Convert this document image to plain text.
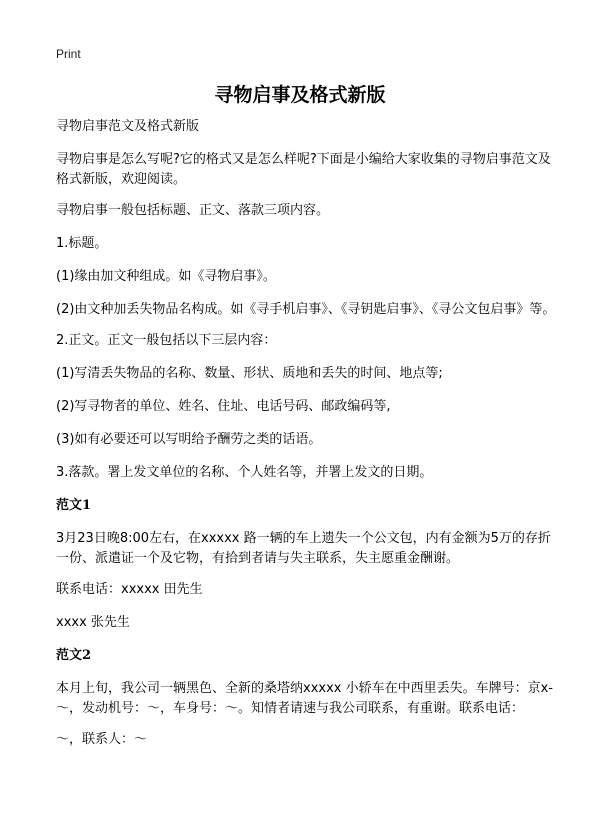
Print
寻物启事及格式新版

寻物启事范文及格式新版

寻物启事是怎么写呢?它的格式又是怎么样呢?下面是小编给大家收集的寻物启事范文及格式新版，欢迎阅读。

寻物启事一般包括标题、正文、落款三项内容。

1.标题。

(1)缘由加文种组成。如《寻物启事》。

(2)由文种加丢失物品名构成。如《寻手机启事》、《寻钥匙启事》、《寻公文包启事》等。

2.正文。正文一般包括以下三层内容：

(1)写清丢失物品的名称、数量、形状、质地和丢失的时间、地点等;

(2)写寻物者的单位、姓名、住址、电话号码、邮政编码等,

(3)如有必要还可以写明给予酬劳之类的话语。

3.落款。署上发文单位的名称、个人姓名等，并署上发文的日期。

范文1

3月23日晚8:00左右，在xxxxx 路一辆的车上遗失一个公文包，内有金额为5万的存折一份、派遣证一个及它物，有拾到者请与失主联系，失主愿重金酬谢。

联系电话：xxxxx 田先生

xxxx 张先生

范文2

本月上旬，我公司一辆黑色、全新的桑塔纳xxxxx 小轿车在中西里丢失。车牌号：京x-～，发动机号：～，车身号：～。知情者请速与我公司联系，有重谢。联系电话：

～，联系人：～
